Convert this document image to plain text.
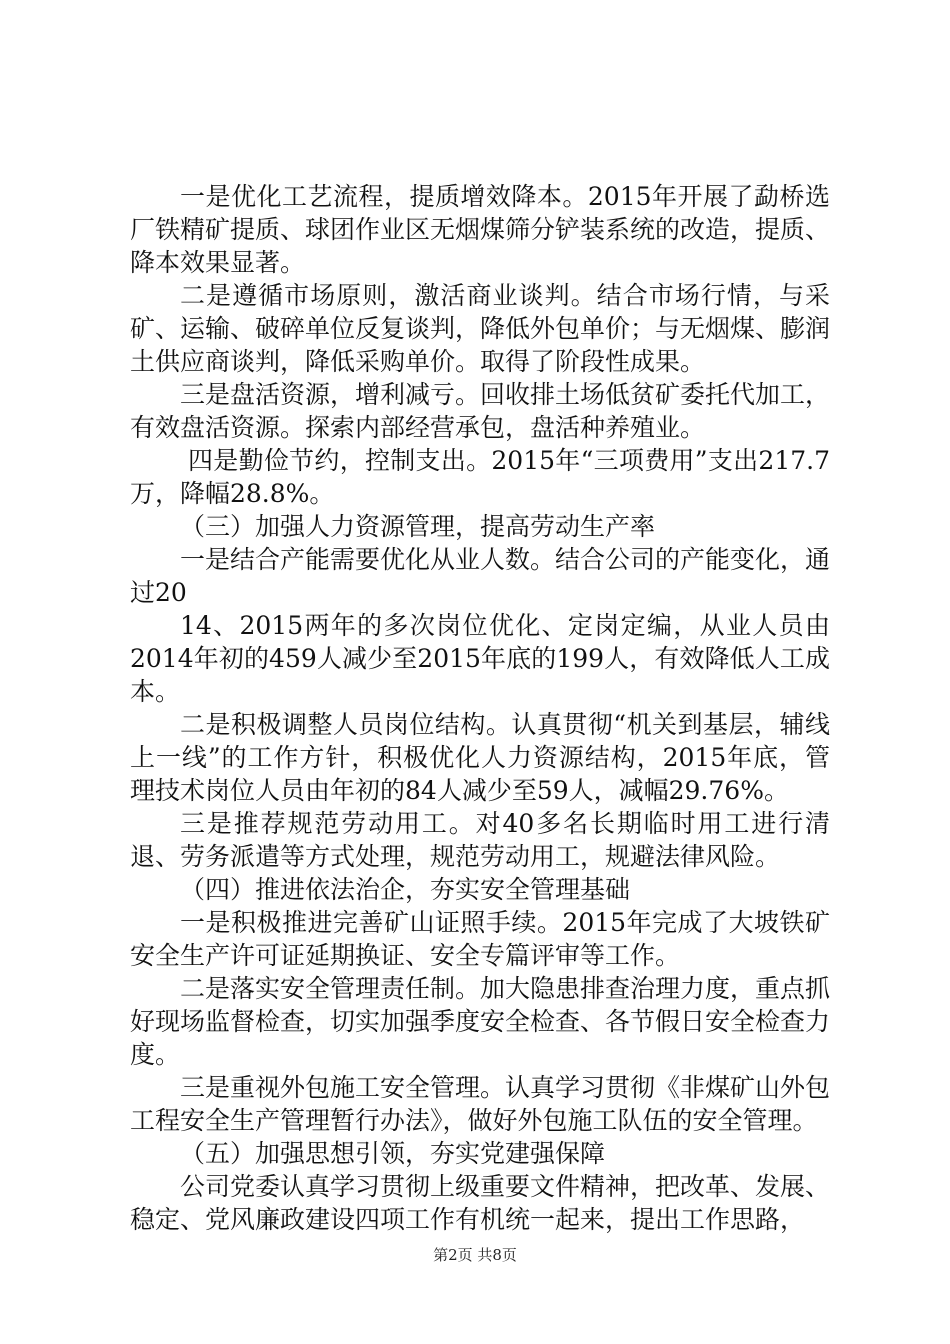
一是优化工艺流程，提质增效降本。2015年开展了勐桥选厂铁精矿提质、球团作业区无烟煤筛分铲装系统的改造，提质、降本效果显著。

二是遵循市场原则，激活商业谈判。结合市场行情，与采矿、运输、破碎单位反复谈判，降低外包单价；与无烟煤、膨润土供应商谈判，降低采购单价。取得了阶段性成果。

三是盘活资源，增利减亏。回收排土场低贫矿委托代加工，有效盘活资源。探索内部经营承包，盘活种养殖业。

四是勤俭节约，控制支出。2015年“三项费用”支出217.7万，降幅28.8%。

（三）加强人力资源管理，提高劳动生产率

一是结合产能需要优化从业人数。结合公司的产能变化，通过20

14、2015两年的多次岗位优化、定岗定编，从业人员由2014年初的459人减少至2015年底的199人，有效降低人工成本。

二是积极调整人员岗位结构。认真贯彻“机关到基层，辅线上一线”的工作方针，积极优化人力资源结构，2015年底，管理技术岗位人员由年初的84人减少至59人，减幅29.76%。

三是推荐规范劳动用工。对40多名长期临时用工进行清退、劳务派遣等方式处理，规范劳动用工，规避法律风险。

（四）推进依法治企，夯实安全管理基础

一是积极推进完善矿山证照手续。2015年完成了大坡铁矿安全生产许可证延期换证、安全专篇评审等工作。

二是落实安全管理责任制。加大隐患排查治理力度，重点抓好现场监督检查，切实加强季度安全检查、各节假日安全检查力度。

三是重视外包施工安全管理。认真学习贯彻《非煤矿山外包工程安全生产管理暂行办法》，做好外包施工队伍的安全管理。

（五）加强思想引领，夯实党建强保障

公司党委认真学习贯彻上级重要文件精神，把改革、发展、稳定、党风廉政建设四项工作有机统一起来，提出工作思路，

第2页 共8页
